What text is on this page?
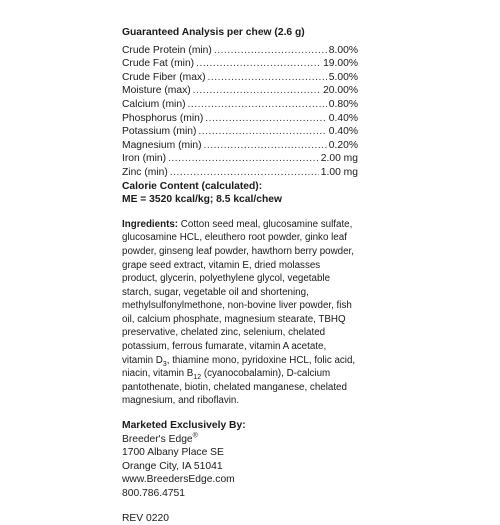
Guaranteed Analysis per chew (2.6 g)
Crude Protein (min) .....	8.00%
Crude Fat (min) .....	19.00%
Crude Fiber (max) .....	5.00%
Moisture (max) .....	20.00%
Calcium (min) .....	0.80%
Phosphorus (min) .....	0.40%
Potassium (min) .....	0.40%
Magnesium (min) .....	0.20%
Iron (min) .....	2.00 mg
Zinc (min) .....	1.00 mg
Calorie Content (calculated):
ME = 3520 kcal/kg; 8.5 kcal/chew
Ingredients: Cotton seed meal, glucosamine sulfate, glucosamine HCL, eleuthero root powder, ginko leaf powder, ginseng leaf powder, hawthorn berry powder, grape seed extract, vitamin E, dried molasses product, glycerin, polyethylene glycol, vegetable starch, sugar, vegetable oil and shortening, methylsulfonylmethone, non-bovine liver powder, fish oil, calcium phosphate, magnesium stearate, TBHQ preservative, chelated zinc, selenium, chelated potassium, ferrous fumarate, vitamin A acetate, vitamin $D_3$, thiamine mono, pyridoxine HCL, folic acid, niacin, vitamin $B_{12}$ (cyanocobalamin), D-calcium pantothenate, biotin, chelated manganese, chelated magnesium, and riboflavin.
Marketed Exclusively By:
Breeder's Edge®
1700 Albany Place SE
Orange City, IA 51041
www.BreedersEdge.com
800.786.4751
REV 0220
